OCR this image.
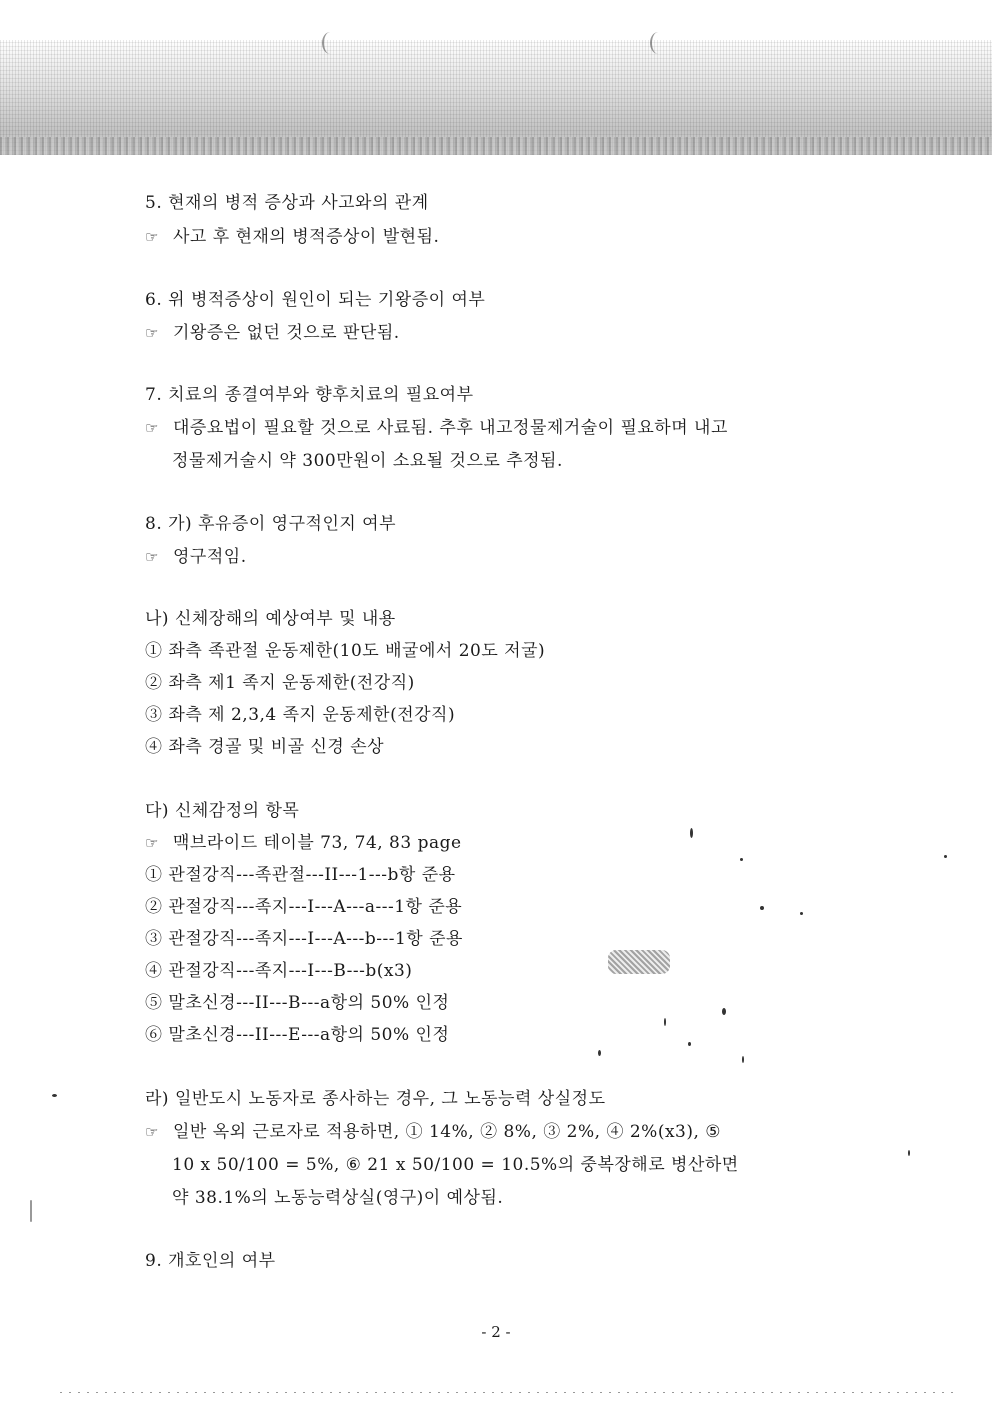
5. 현재의 병적 증상과 사고와의 관계
☞ 사고 후 현재의 병적증상이 발현됨.
6. 위 병적증상이 원인이 되는 기왕증이 여부
☞ 기왕증은 없던 것으로 판단됨.
7. 치료의 종결여부와 향후치료의 필요여부
☞ 대증요법이 필요할 것으로 사료됨. 추후 내고정물제거술이 필요하며 내고
정물제거술시 약 300만원이 소요될 것으로 추정됨.
8. 가) 후유증이 영구적인지 여부
☞ 영구적임.
나) 신체장해의 예상여부 및 내용
① 좌측 족관절 운동제한(10도 배굴에서 20도 저굴)
② 좌측 제1 족지 운동제한(전강직)
③ 좌측 제 2,3,4 족지 운동제한(전강직)
④ 좌측 경골 및 비골 신경 손상
다) 신체감정의 항목
☞ 맥브라이드 테이블 73, 74, 83 page
① 관절강직---족관절---II---1---b항 준용
② 관절강직---족지---I---A---a---1항 준용
③ 관절강직---족지---I---A---b---1항 준용
④ 관절강직---족지---I---B---b(x3)
⑤ 말초신경---II---B---a항의 50% 인정
⑥ 말초신경---II---E---a항의 50% 인정
라) 일반도시 노동자로 종사하는 경우, 그 노동능력 상실정도
☞ 일반 옥외 근로자로 적용하면, ① 14%, ② 8%, ③ 2%, ④ 2%(x3), ⑤
10 x 50/100 = 5%, ⑥ 21 x 50/100 = 10.5%의 중복장해로 병산하면
약 38.1%의 노동능력상실(영구)이 예상됨.
9. 개호인의 여부
- 2 -
